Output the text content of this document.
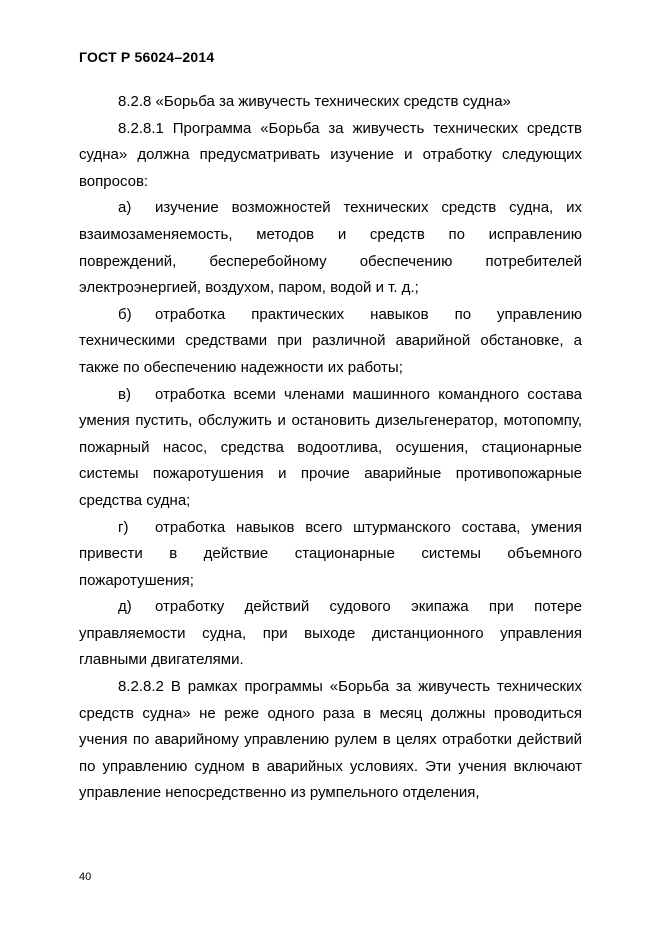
ГОСТ Р 56024–2014

8.2.8 «Борьба за живучесть технических средств судна»

8.2.8.1 Программа «Борьба за живучесть технических средств судна» должна предусматривать изучение и отработку следующих вопросов:

а) изучение возможностей технических средств судна, их взаимозаменяемость, методов и средств по исправлению повреждений, бесперебойному обеспечению потребителей электроэнергией, воздухом, паром, водой и т. д.;

б) отработка практических навыков по управлению техническими средствами при различной аварийной обстановке, а также по обеспечению надежности их работы;

в) отработка всеми членами машинного командного состава умения пустить, обслужить и остановить дизельгенератор, мотопомпу, пожарный насос, средства водоотлива, осушения, стационарные системы пожаротушения и прочие аварийные противопожарные средства судна;

г) отработка навыков всего штурманского состава, умения привести в действие стационарные системы объемного пожаротушения;

д) отработку действий судового экипажа при потере управляемости судна, при выходе дистанционного управления главными двигателями.

8.2.8.2 В рамках программы «Борьба за живучесть технических средств судна» не реже одного раза в месяц должны проводиться учения по аварийному управлению рулем в целях отработки действий по управлению судном в аварийных условиях. Эти учения включают управление непосредственно из румпельного отделения,

40
